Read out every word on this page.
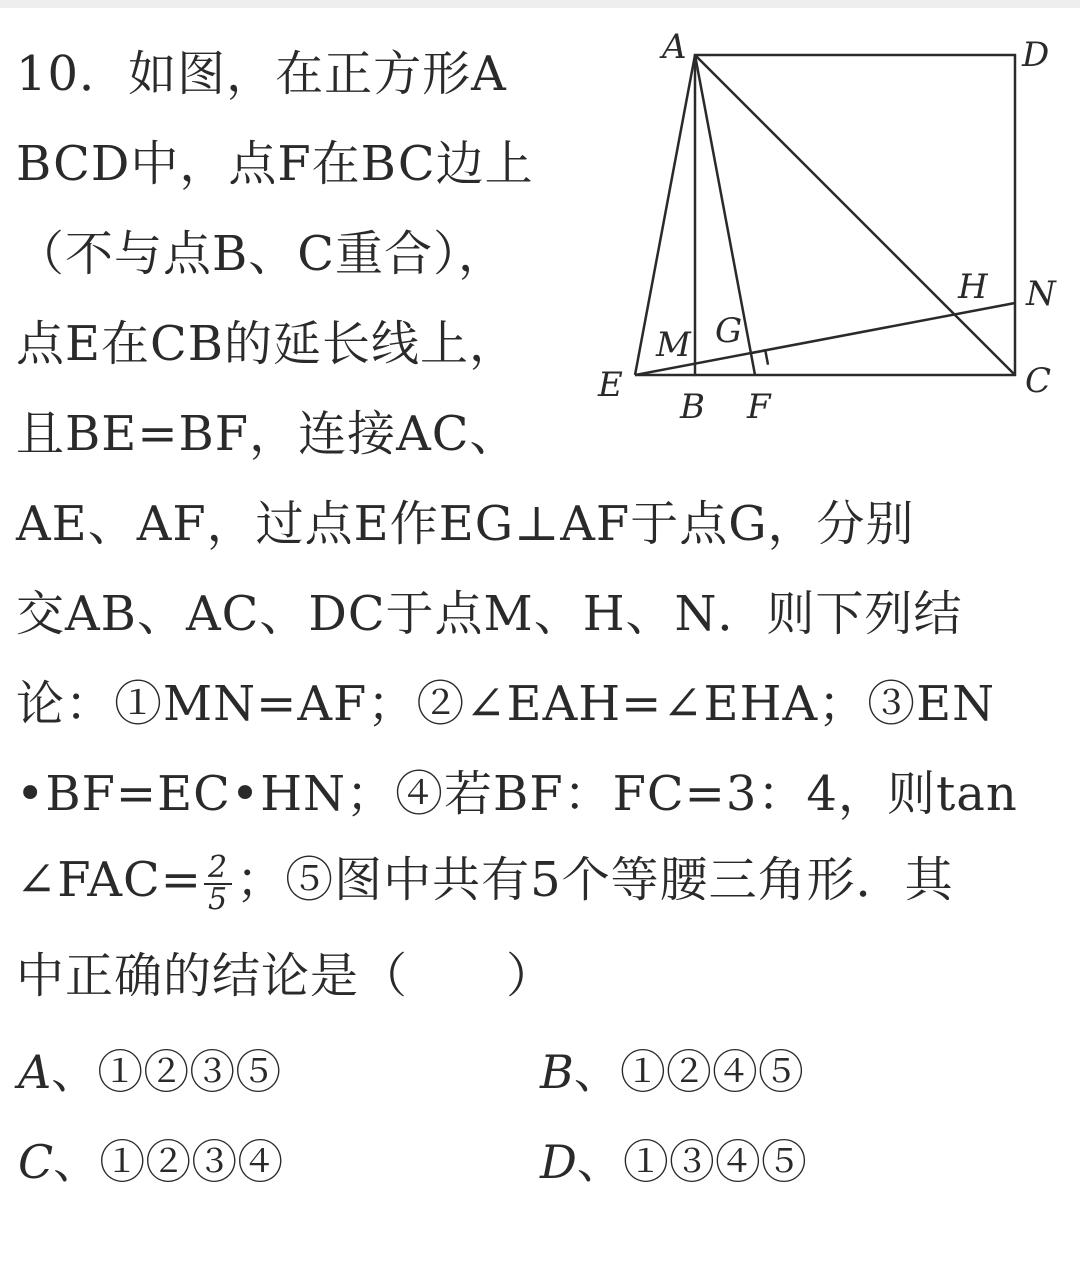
10．如图，在正方形A
BCD中，点F在BC边上
（不与点B、C重合），
点E在CB的延长线上，
且BE=BF，连接AC、
AE、AF，过点E作EG⊥AF于点G，分别
交AB、AC、DC于点M、H、N．则下列结
论：①MN=AF；②∠EAH=∠EHA；③EN
•BF=EC•HN；④若BF：FC=3：4，则tan
∠FAC= $\frac{2}{5}$ ；⑤图中共有5个等腰三角形．其
中正确的结论是（　　）
A、①②③⑤	B、①②④⑤
C、①②③④	D、①③④⑤
A	D
H N
M G
E	C
B F
